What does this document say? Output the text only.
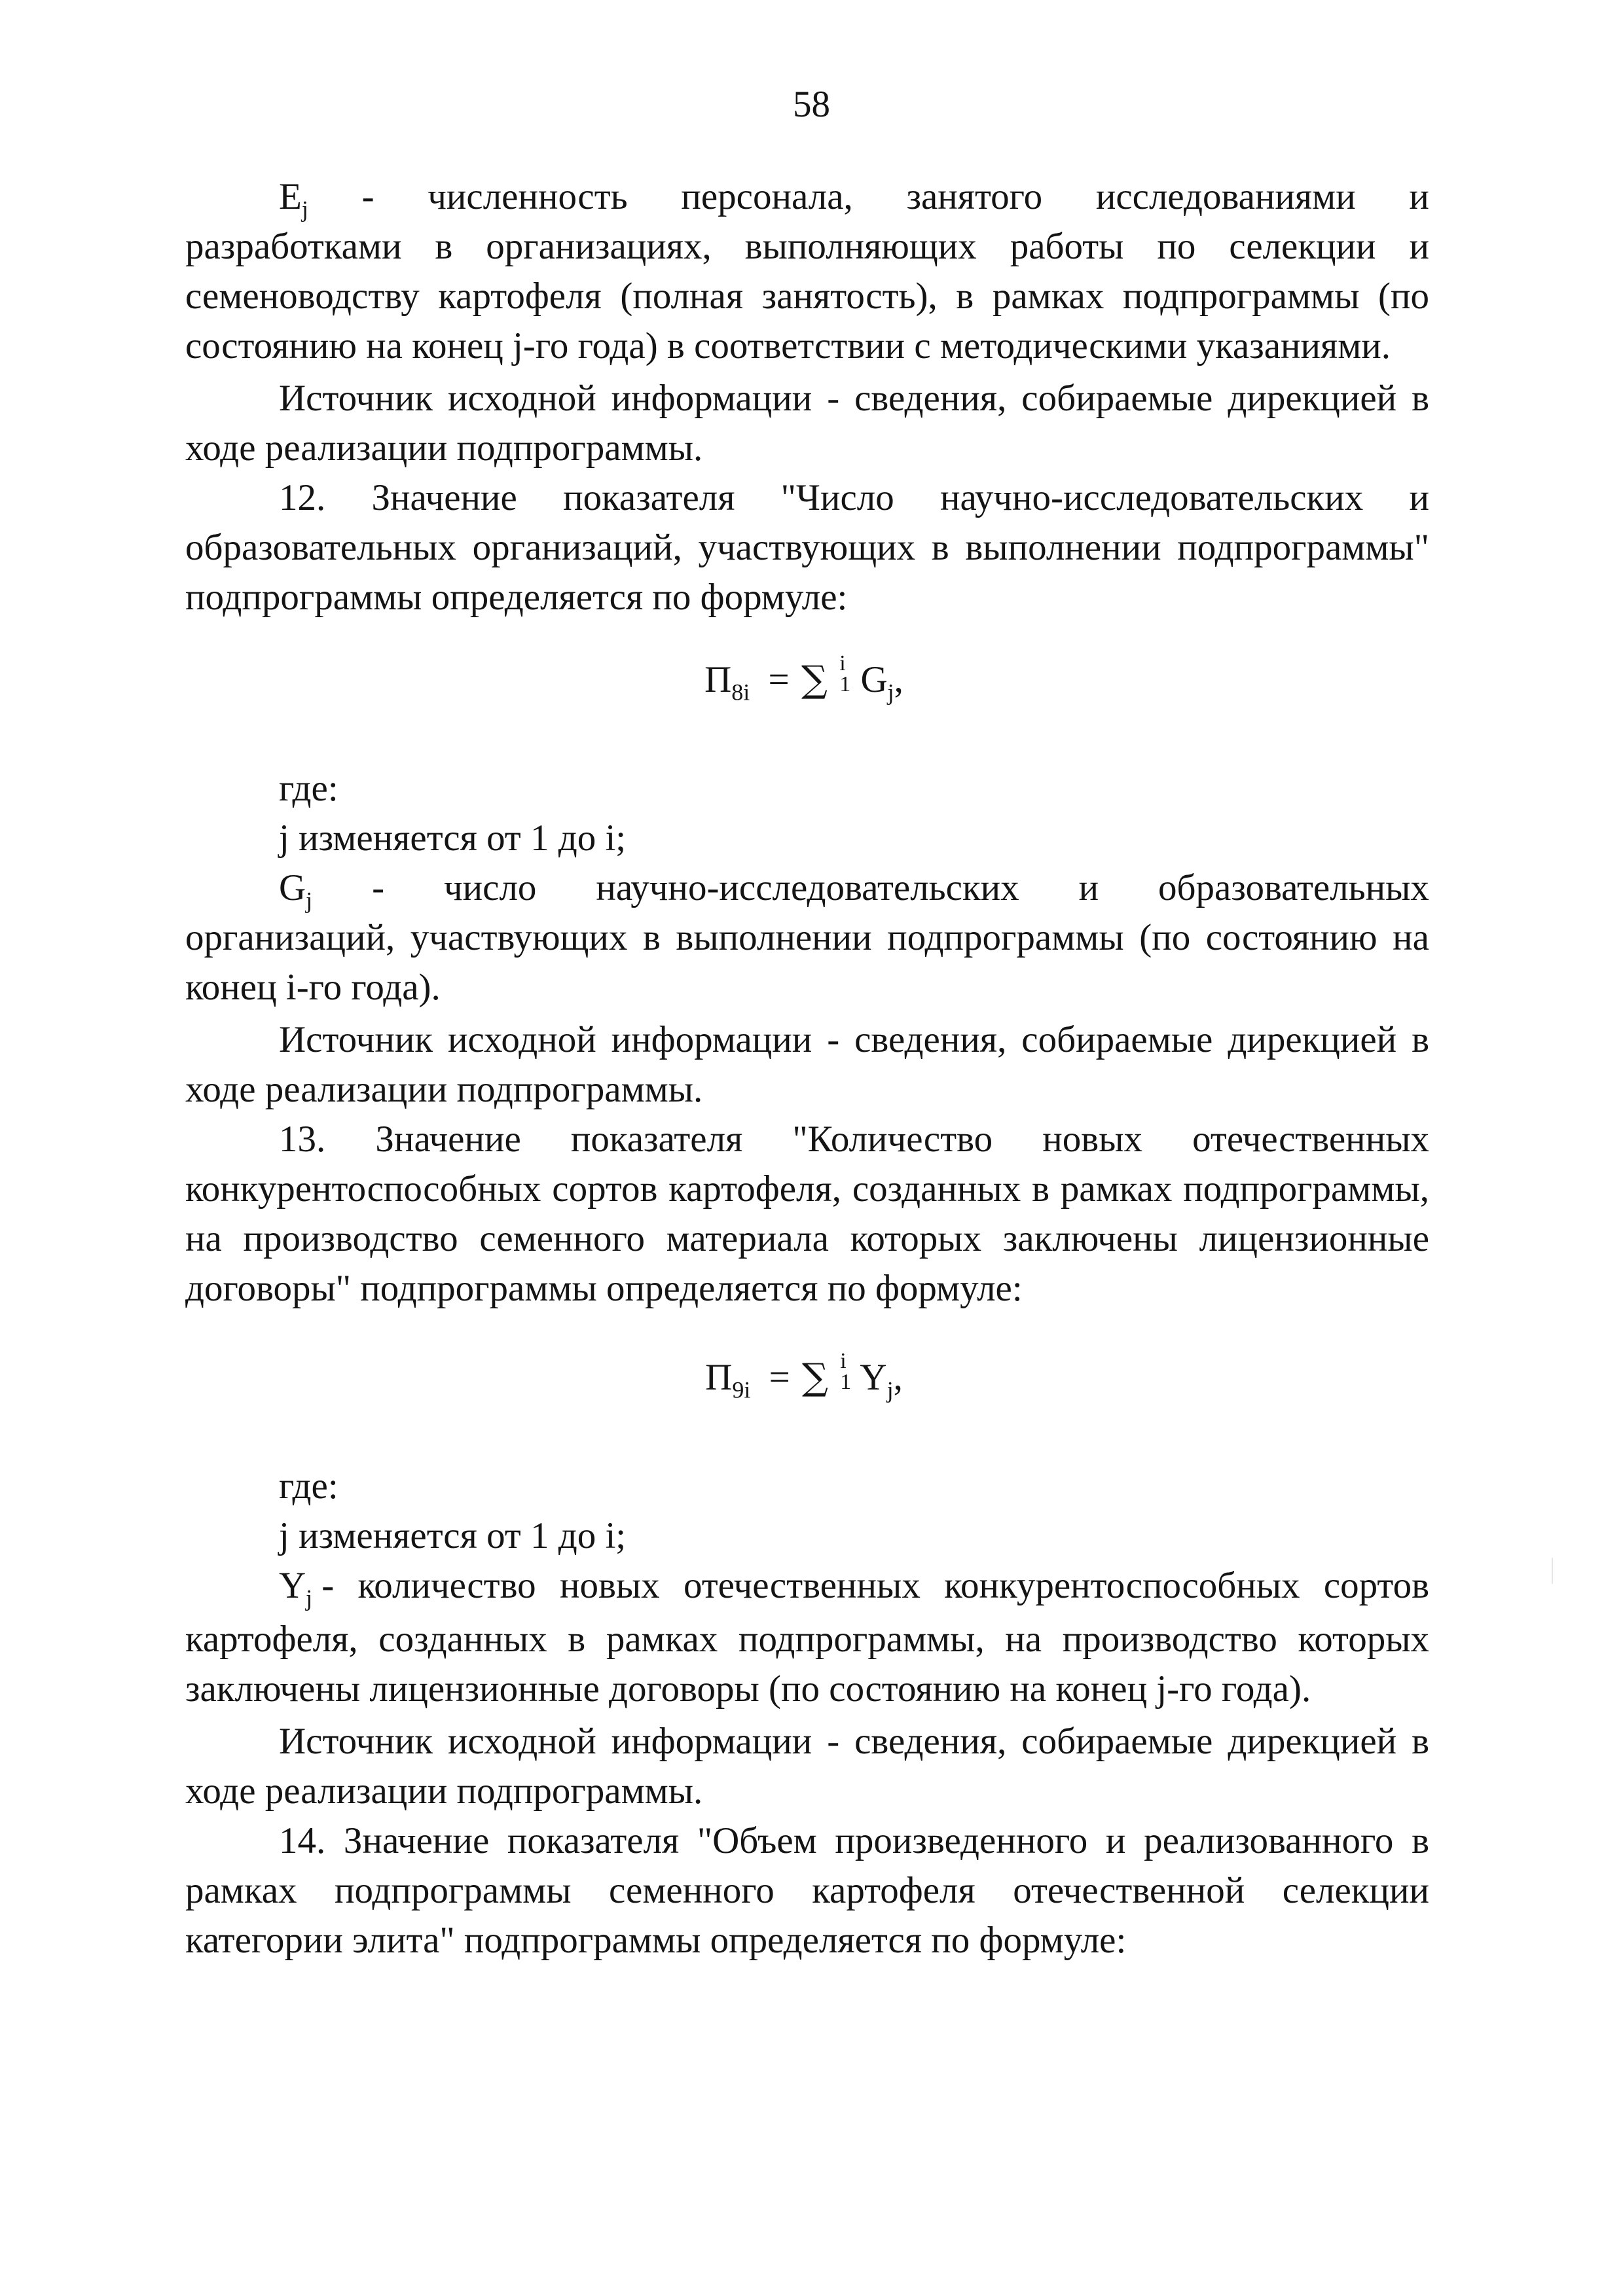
58
$E_j$ - численность персонала, занятого исследованиями и

разработками в организациях, выполняющих работы по селекции и семеноводству картофеля (полная занятость), в рамках подпрограммы (по состоянию на конец j-го года) в соответствии с методическими указаниями.

Источник исходной информации - сведения, собираемые дирекцией в ходе реализации подпрограммы.

12. Значение показателя "Число научно-исследовательских и образовательных организаций, участвующих в выполнении подпрограммы" подпрограммы определяется по формуле:

$П_{8i}$ = ∑ i
1 $G_j$,

где:

j изменяется от 1 до i;

$G_j$ - число научно-исследовательских и образовательных

организаций, участвующих в выполнении подпрограммы (по состоянию на конец i-го года).

Источник исходной информации - сведения, собираемые дирекцией в ходе реализации подпрограммы.

13. Значение показателя "Количество новых отечественных конкурентоспособных сортов картофеля, созданных в рамках подпрограммы, на производство семенного материала которых заключены лицензионные договоры" подпрограммы определяется по формуле:

$П_{9i}$ = ∑ i
1 $Y_j$,

где:

j изменяется от 1 до i;

$Y_j$ - количество новых отечественных конкурентоспособных сортов

картофеля, созданных в рамках подпрограммы, на производство которых заключены лицензионные договоры (по состоянию на конец j-го года).

Источник исходной информации - сведения, собираемые дирекцией в ходе реализации подпрограммы.

14. Значение показателя "Объем произведенного и реализованного в рамках подпрограммы семенного картофеля отечественной селекции категории элита" подпрограммы определяется по формуле:
